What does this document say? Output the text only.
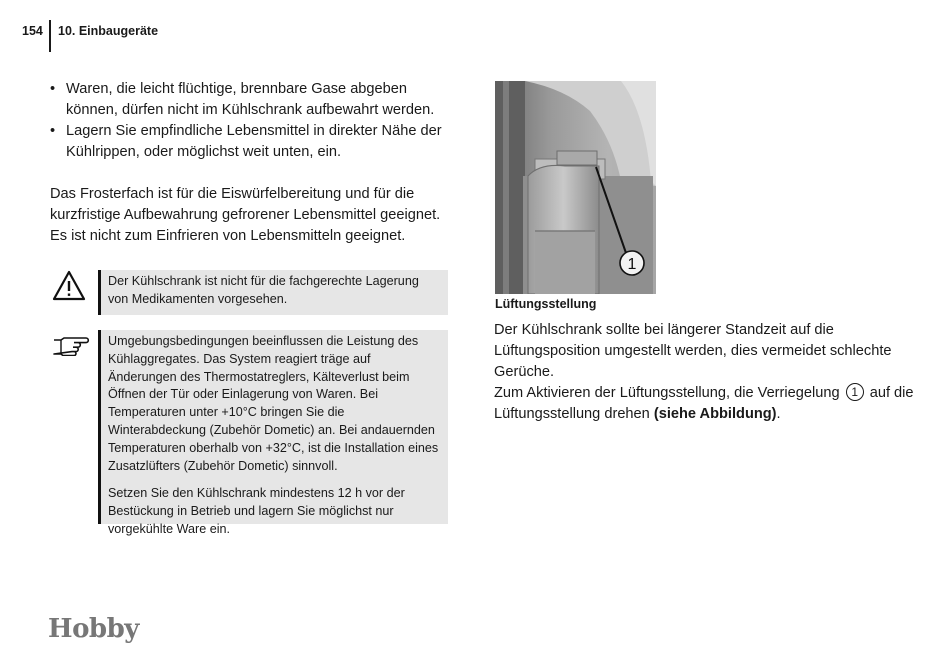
154 10. Einbaugeräte
• Waren, die leicht flüchtige, brennbare Gase abgeben können, dürfen nicht im Kühlschrank aufbewahrt werden.
• Lagern Sie empfindliche Lebensmittel in direkter Nähe der Kühlrippen, oder möglichst weit unten, ein.

Das Frosterfach ist für die Eiswürfelbereitung und für die kurzfristige Aufbewahrung gefrorener Lebensmittel geeignet. Es ist nicht zum Einfrieren von Lebensmitteln geeignet.

Der Kühlschrank ist nicht für die fachgerechte Lagerung von Medikamenten vorgesehen.

Umgebungsbedingungen beeinflussen die Leistung des Kühlaggregates. Das System reagiert träge auf Änderungen des Thermostatreglers, Kälteverlust beim Öffnen der Tür oder Einlagerung von Waren. Bei Temperaturen unter +10°C bringen Sie die Winterabdeckung (Zubehör Dometic) an. Bei andauernden Temperaturen oberhalb von +32°C, ist die Installation eines Zusatzlüfters (Zubehör Dometic) sinnvoll.

Setzen Sie den Kühlschrank mindestens 12 h vor der Bestückung in Betrieb und lagern Sie möglichst nur vorgekühlte Ware ein.

1
Lüftungsstellung

Der Kühlschrank sollte bei längerer Standzeit auf die Lüftungsposition umgestellt werden, dies vermeidet schlechte Gerüche.

Zum Aktivieren der Lüftungsstellung, die Verriegelung 1 auf die Lüftungsstellung drehen (siehe Abbildung).

Hobby
